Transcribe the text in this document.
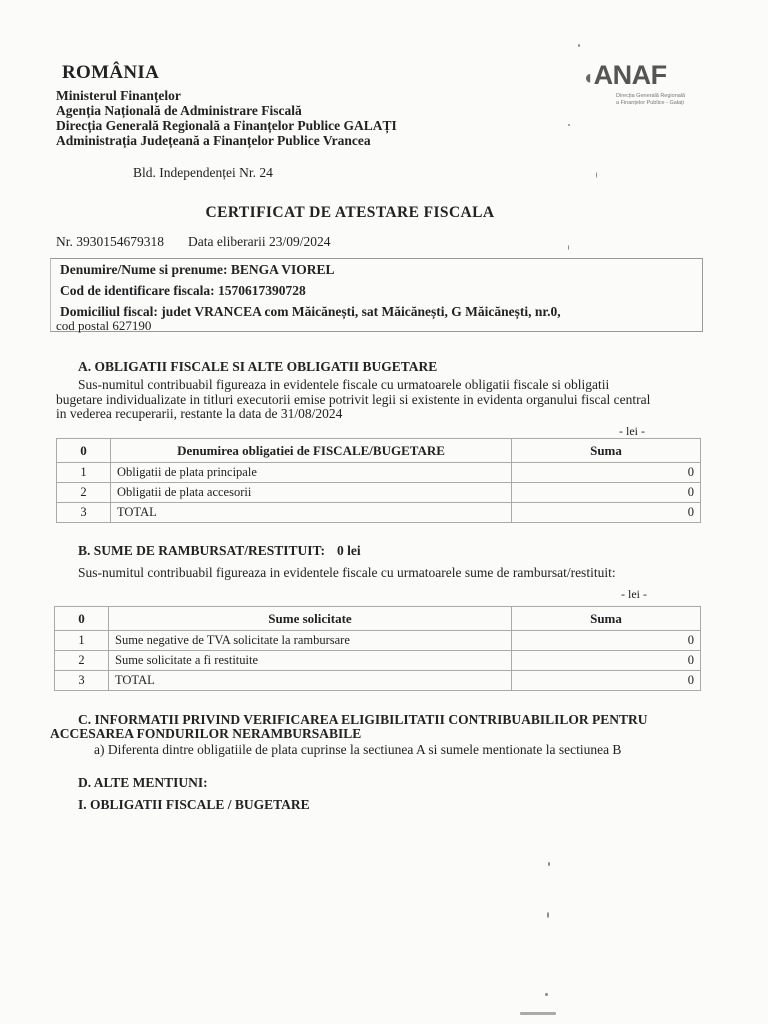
ROMÂNIA
Ministerul Finanțelor
Agenția Națională de Administrare Fiscală
Direcția Generală Regională a Finanțelor Publice GALAȚI
Administrația Județeană a Finanțelor Publice Vrancea
◖ANAF
Direcția Generală Regională
a Finanțelor Publice - Galați
Bld. Independenței Nr. 24
CERTIFICAT DE ATESTARE FISCALA
Nr. 3930154679318 Data eliberarii 23/09/2024
Denumire/Nume si prenume: BENGA VIOREL
Cod de identificare fiscala: 1570617390728
Domiciliul fiscal: judet VRANCEA com Măicănești, sat Măicănești, G Măicănești, nr.0,
cod postal 627190
A. OBLIGATII FISCALE SI ALTE OBLIGATII BUGETARE
Sus-numitul contribuabil figureaza in evidentele fiscale cu urmatoarele obligatii fiscale si obligatii
bugetare individualizate in titluri executorii emise potrivit legii si existente in evidenta organului fiscal central
in vederea recuperarii, restante la data de 31/08/2024
- lei -
0	Denumirea obligatiei de FISCALE/BUGETARE	Suma
1	Obligatii de plata principale	0
2	Obligatii de plata accesorii	0
3	TOTAL	0
B. SUME DE RAMBURSAT/RESTITUIT: 0 lei
Sus-numitul contribuabil figureaza in evidentele fiscale cu urmatoarele sume de rambursat/restituit:
- lei -
0	Sume solicitate	Suma
1	Sume negative de TVA solicitate la rambursare	0
2	Sume solicitate a fi restituite	0
3	TOTAL	0
C. INFORMATII PRIVIND VERIFICAREA ELIGIBILITATII CONTRIBUABILILOR PENTRU
ACCESAREA FONDURILOR NERAMBURSABILE
a) Diferenta dintre obligatiile de plata cuprinse la sectiunea A si sumele mentionate la sectiunea B
D. ALTE MENTIUNI:
I. OBLIGATII FISCALE / BUGETARE
